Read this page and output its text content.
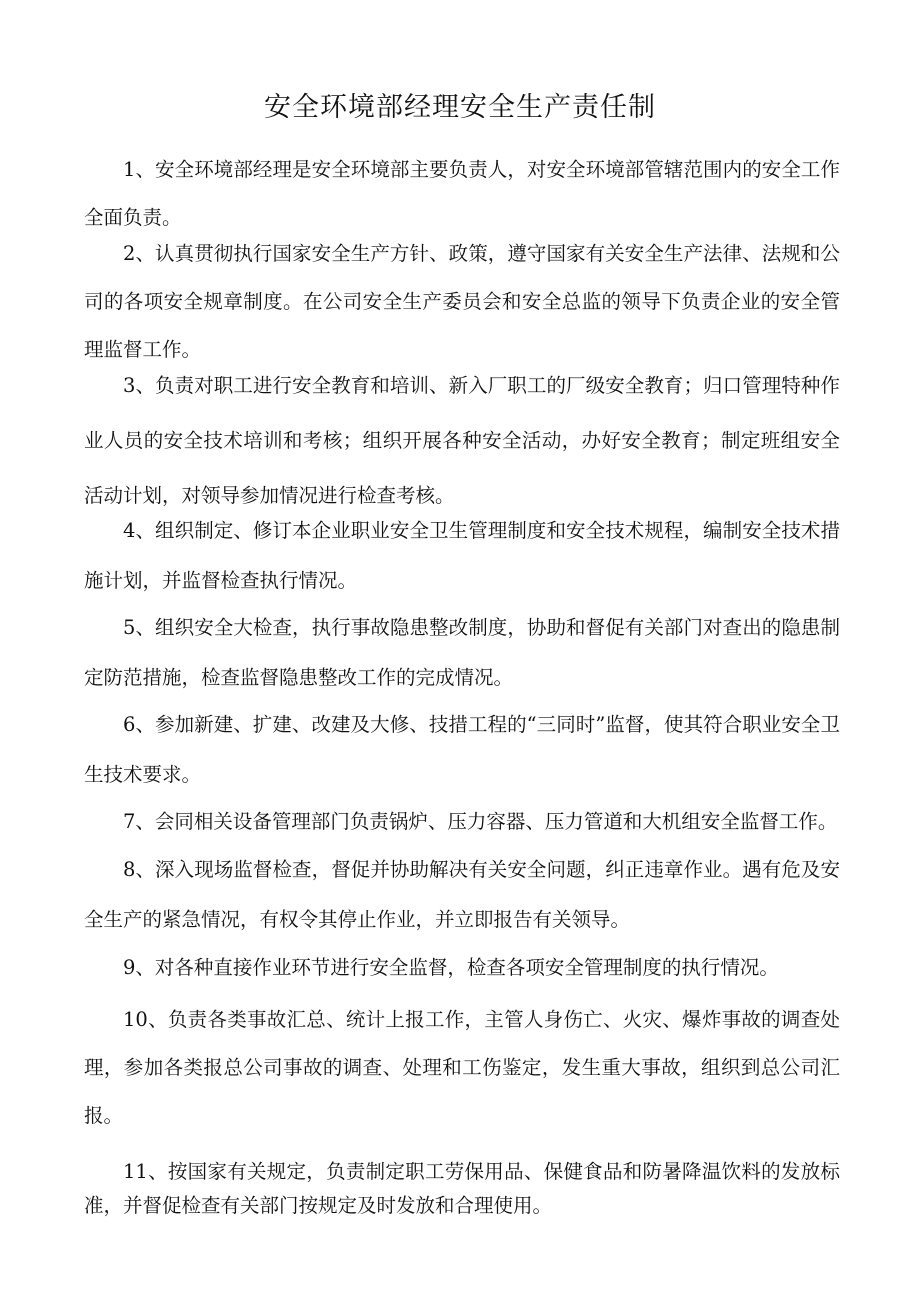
安全环境部经理安全生产责任制

1、安全环境部经理是安全环境部主要负责人，对安全环境部管辖范围内的安全工作全面负责。

2、认真贯彻执行国家安全生产方针、政策，遵守国家有关安全生产法律、法规和公司的各项安全规章制度。在公司安全生产委员会和安全总监的领导下负责企业的安全管理监督工作。

3、负责对职工进行安全教育和培训、新入厂职工的厂级安全教育；归口管理特种作业人员的安全技术培训和考核；组织开展各种安全活动，办好安全教育；制定班组安全活动计划，对领导参加情况进行检查考核。

4、组织制定、修订本企业职业安全卫生管理制度和安全技术规程，编制安全技术措施计划，并监督检查执行情况。

5、组织安全大检查，执行事故隐患整改制度，协助和督促有关部门对查出的隐患制定防范措施，检查监督隐患整改工作的完成情况。

6、参加新建、扩建、改建及大修、技措工程的“三同时”监督，使其符合职业安全卫生技术要求。

7、会同相关设备管理部门负责锅炉、压力容器、压力管道和大机组安全监督工作。

8、深入现场监督检查，督促并协助解决有关安全问题，纠正违章作业。遇有危及安全生产的紧急情况，有权令其停止作业，并立即报告有关领导。

9、对各种直接作业环节进行安全监督，检查各项安全管理制度的执行情况。

10、负责各类事故汇总、统计上报工作，主管人身伤亡、火灾、爆炸事故的调查处理，参加各类报总公司事故的调查、处理和工伤鉴定，发生重大事故，组织到总公司汇报。

11、按国家有关规定，负责制定职工劳保用品、保健食品和防暑降温饮料的发放标准，并督促检查有关部门按规定及时发放和合理使用。
